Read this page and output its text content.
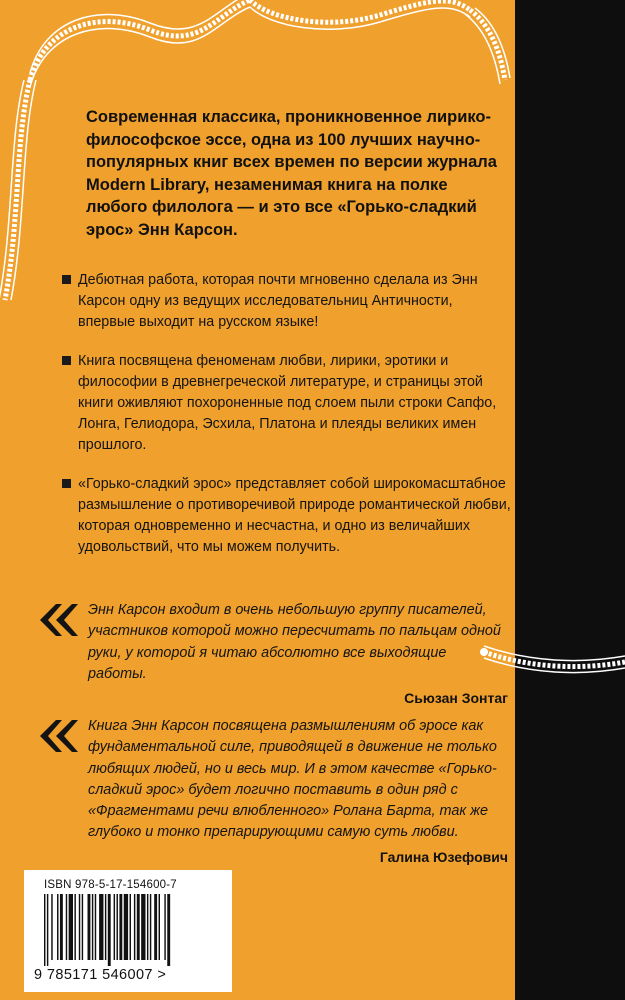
Современная классика, проникновенное лирико-философское эссе, одна из 100 лучших научно-популярных книг всех времен по версии журнала Modern Library, незаменимая книга на полке любого филолога — и это все «Горько-сладкий эрос» Энн Карсон.

Дебютная работа, которая почти мгновенно сделала из Энн Карсон одну из ведущих исследовательниц Античности, впервые выходит на русском языке!
Книга посвящена феноменам любви, лирики, эротики и философии в древнегреческой литературе, и страницы этой книги оживляют похороненные под слоем пыли строки Сапфо, Лонга, Гелиодора, Эсхила, Платона и плеяды великих имен прошлого.
«Горько-сладкий эрос» представляет собой широкомасштабное размышление о противоречивой природе романтической любви, которая одновременно и несчастна, и одно из величайших удовольствий, что мы можем получить.

Энн Карсон входит в очень небольшую группу писателей, участников которой можно пересчитать по пальцам одной руки, у которой я читаю абсолютно все выходящие работы.

Сьюзан Зонтаг

Книга Энн Карсон посвящена размышлениям об эросе как фундаментальной силе, приводящей в движение не только любящих людей, но и весь мир. И в этом качестве «Горько-сладкий эрос» будет логично поставить в один ряд с «Фрагментами речи влюбленного» Ролана Барта, так же глубоко и тонко препарирующими самую суть любви.

Галина Юзефович

ISBN 978-5-17-154600-7
9 785171 546007 >
